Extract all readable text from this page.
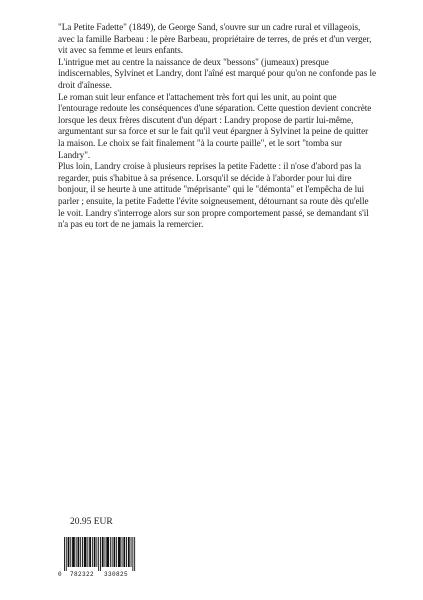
"La Petite Fadette" (1849), de George Sand, s'ouvre sur un cadre rural et villageois, avec la famille Barbeau : le père Barbeau, propriétaire de terres, de prés et d'un verger, vit avec sa femme et leurs enfants.

L'intrigue met au centre la naissance de deux "bessons" (jumeaux) presque indiscernables, Sylvinet et Landry, dont l'aîné est marqué pour qu'on ne confonde pas le droit d'aînesse.

Le roman suit leur enfance et l'attachement très fort qui les unit, au point que l'entourage redoute les conséquences d'une séparation. Cette question devient concrète lorsque les deux frères discutent d'un départ : Landry propose de partir lui-même, argumentant sur sa force et sur le fait qu'il veut épargner à Sylvinet la peine de quitter la maison. Le choix se fait finalement "à la courte paille", et le sort "tomba sur Landry".

Plus loin, Landry croise à plusieurs reprises la petite Fadette : il n'ose d'abord pas la regarder, puis s'habitue à sa présence. Lorsqu'il se décide à l'aborder pour lui dire bonjour, il se heurte à une attitude "méprisante" qui le "démonta" et l'empêcha de lui parler ; ensuite, la petite Fadette l'évite soigneusement, détournant sa route dès qu'elle le voit. Landry s'interroge alors sur son propre comportement passé, se demandant s'il n'a pas eu tort de ne jamais la remercier.

20.95 EUR
0 782322 330825
